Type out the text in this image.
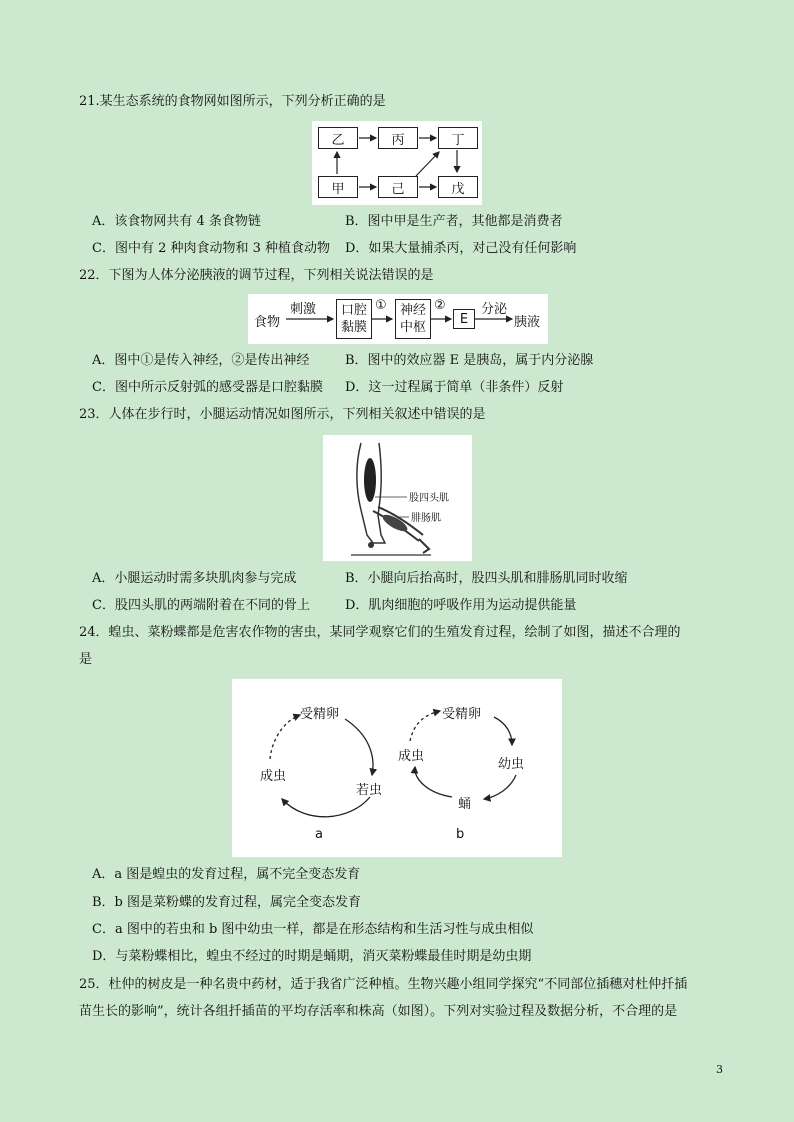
21.某生态系统的食物网如图所示，下列分析正确的是
乙	丙	丁
甲	己	戊
A．该食物网共有 4 条食物链	B．图中甲是生产者，其他都是消费者
C．图中有 2 种肉食动物和 3 种植食动物 D．如果大量捕杀丙，对己没有任何影响
22．下图为人体分泌胰液的调节过程，下列相关说法错误的是
食物
刺激 口腔
黏膜
① 神经
中枢
②
E
分泌
胰液
A．图中①是传入神经，②是传出神经	B．图中的效应器 E 是胰岛，属于内分泌腺
C．图中所示反射弧的感受器是口腔黏膜 D．这一过程属于简单（非条件）反射
23．人体在步行时，小腿运动情况如图所示，下列相关叙述中错误的是
股四头肌
腓肠肌
A．小腿运动时需多块肌肉参与完成	B．小腿向后抬高时，股四头肌和腓肠肌同时收缩
C．股四头肌的两端附着在不同的骨上	D．肌肉细胞的呼吸作用为运动提供能量
24．蝗虫、菜粉蝶都是危害农作物的害虫，某同学观察它们的生殖发育过程，绘制了如图，描述不合理的
是
受精卵
若虫
成虫
a
受精卵
幼虫
蛹
成虫
b
A．a 图是蝗虫的发育过程，属不完全变态发育
B．b 图是菜粉蝶的发育过程，属完全变态发育
C．a 图中的若虫和 b 图中幼虫一样，都是在形态结构和生活习性与成虫相似
D．与菜粉蝶相比，蝗虫不经过的时期是蛹期，消灭菜粉蝶最佳时期是幼虫期
25．杜仲的树皮是一种名贵中药材，适于我省广泛种植。生物兴趣小组同学探究“不同部位插穗对杜仲扦插
苗生长的影响”，统计各组扦插苗的平均存活率和株高（如图）。下列对实验过程及数据分析，不合理的是
3
